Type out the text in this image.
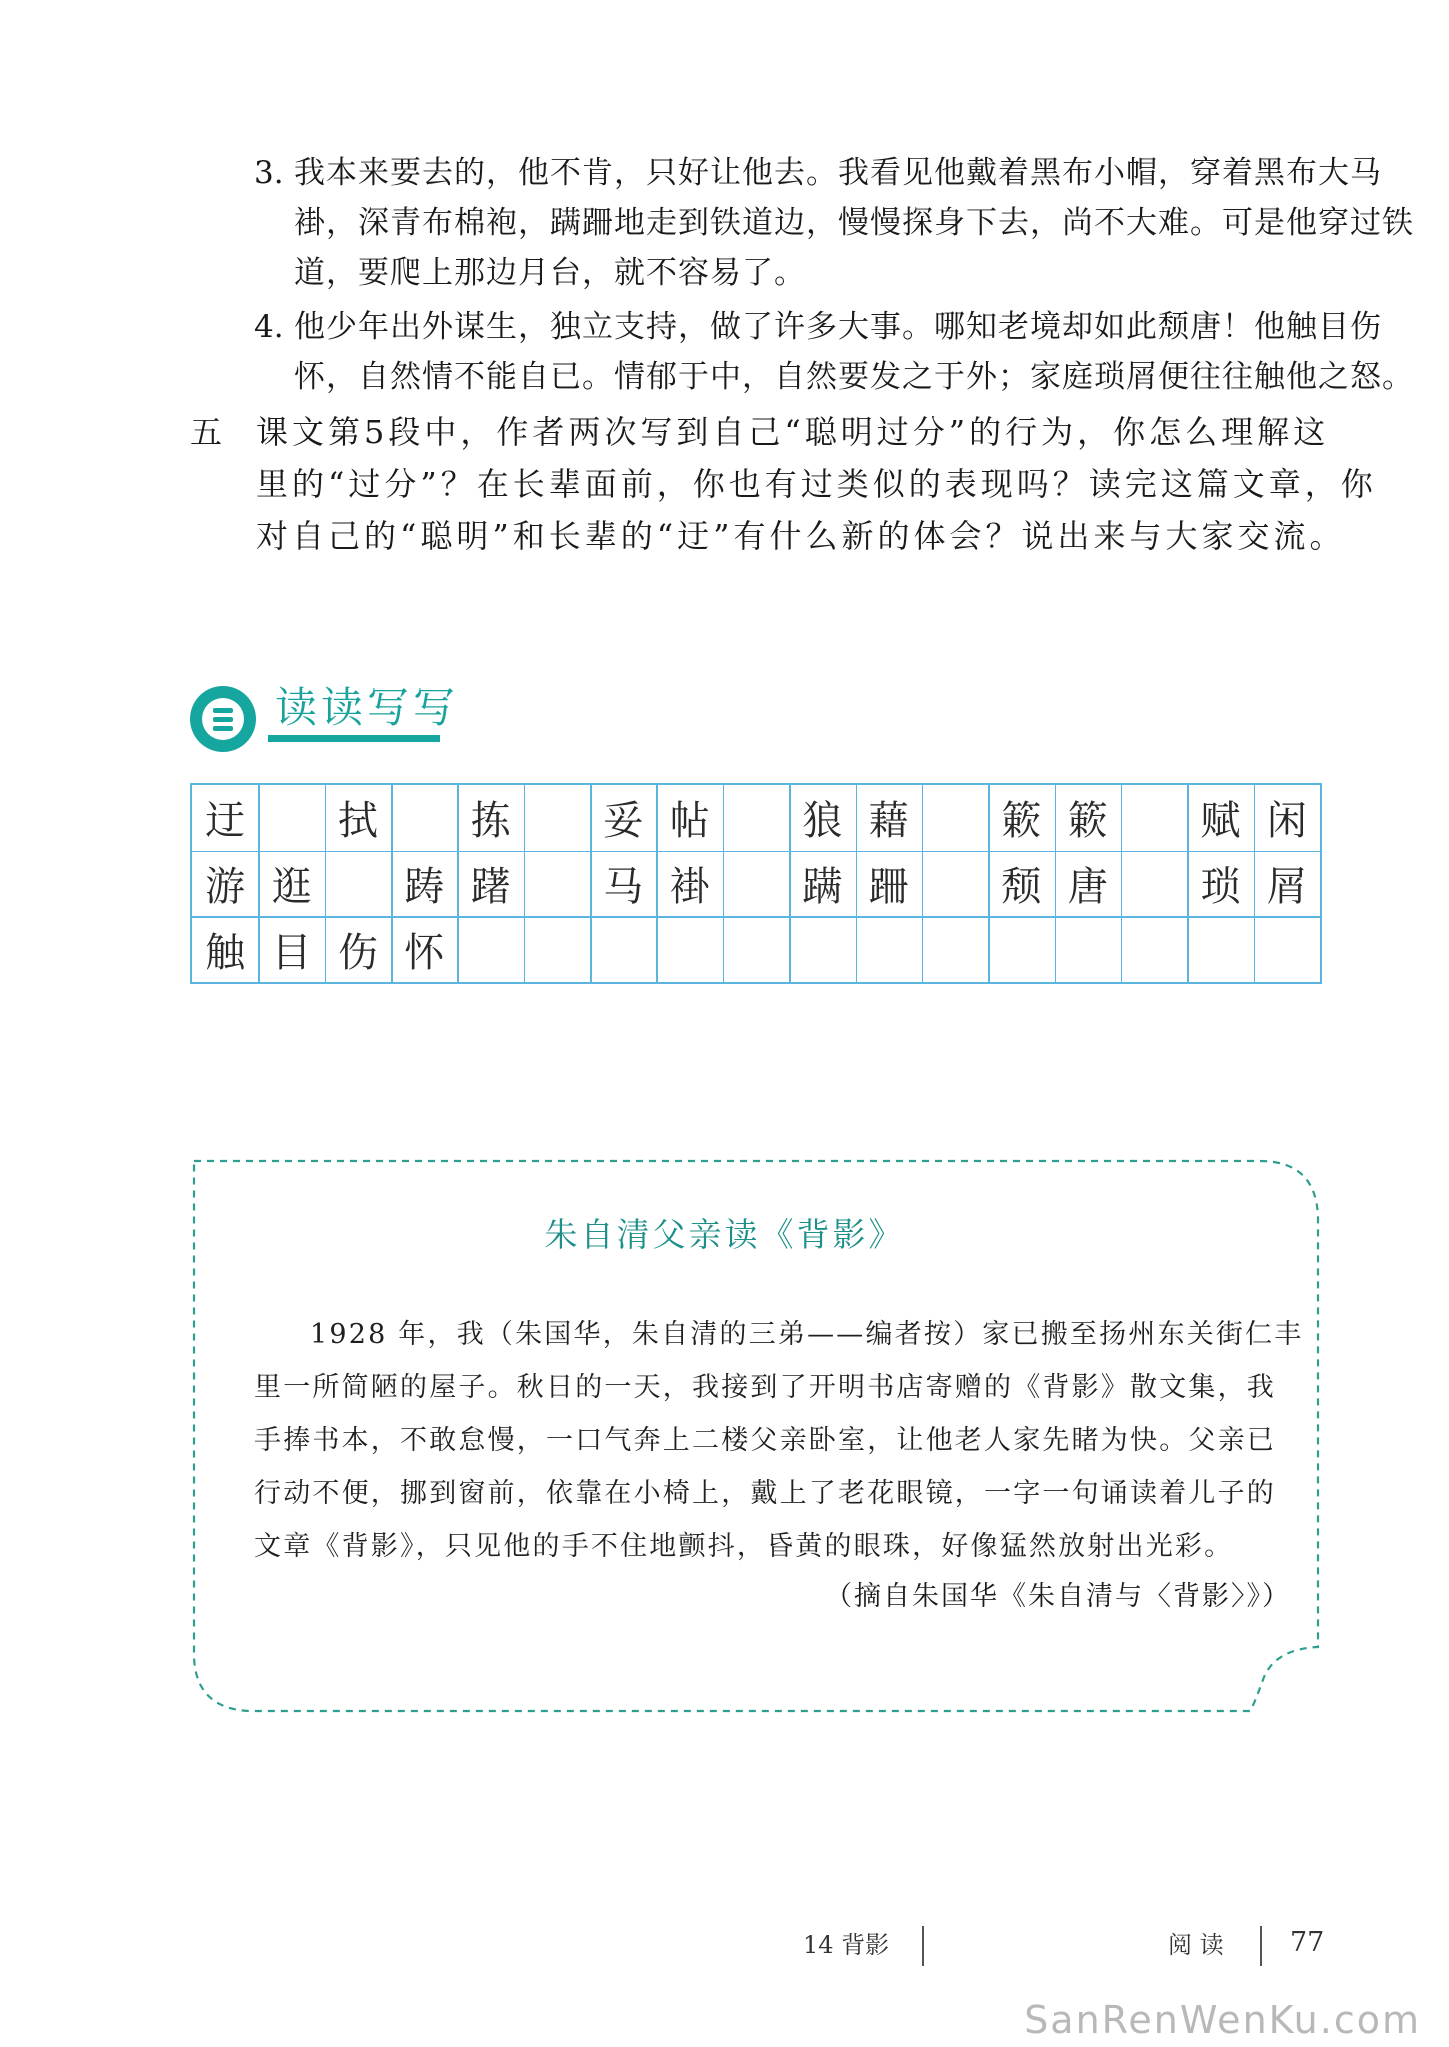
3. 我本来要去的，他不肯，只好让他去。我看见他戴着黑布小帽，穿着黑布大马
褂，深青布棉袍，蹒跚地走到铁道边，慢慢探身下去，尚不大难。可是他穿过铁
道，要爬上那边月台，就不容易了。
4. 他少年出外谋生，独立支持，做了许多大事。哪知老境却如此颓唐！他触目伤
怀，自然情不能自已。情郁于中，自然要发之于外；家庭琐屑便往往触他之怒。
五 课文第5段中，作者两次写到自己“聪明过分”的行为，你怎么理解这
里的“过分”？在长辈面前，你也有过类似的表现吗？读完这篇文章，你
对自己的“聪明”和长辈的“迂”有什么新的体会？说出来与大家交流。
读读写写
迂	拭	拣	妥 帖	狼 藉	簌 簌	赋 闲
游 逛	踌 躇	马 褂	蹒 跚	颓 唐	琐 屑
触 目 伤 怀
朱自清父亲读《背影》
1928 年，我（朱国华，朱自清的三弟——编者按）家已搬至扬州东关街仁丰
里一所简陋的屋子。秋日的一天，我接到了开明书店寄赠的《背影》散文集，我
手捧书本，不敢怠慢，一口气奔上二楼父亲卧室，让他老人家先睹为快。父亲已
行动不便，挪到窗前，依靠在小椅上，戴上了老花眼镜，一字一句诵读着儿子的
文章《背影》，只见他的手不住地颤抖，昏黄的眼珠，好像猛然放射出光彩。
（摘自朱国华《朱自清与〈背影〉》）
14 背影	阅 读 77
SanRenWenKu.com
